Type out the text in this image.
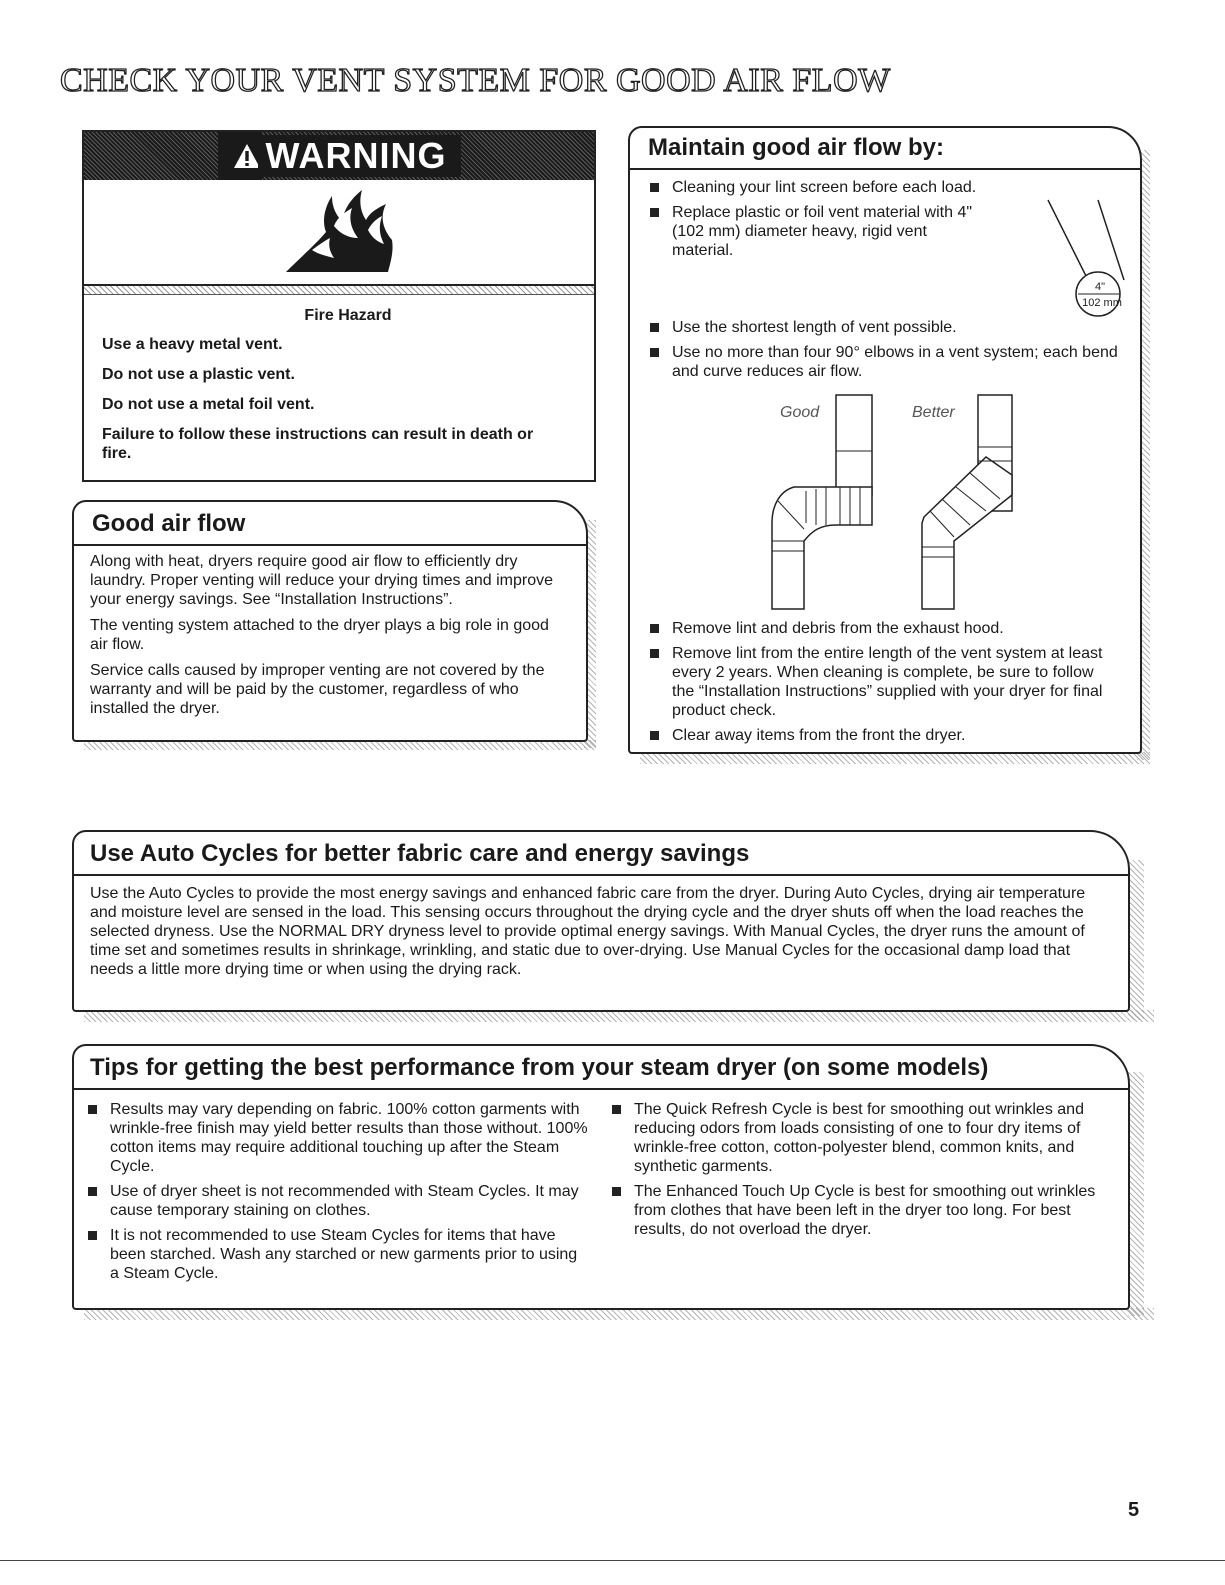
CHECK YOUR VENT SYSTEM FOR GOOD AIR FLOW
WARNING
Fire Hazard
Use a heavy metal vent.
Do not use a plastic vent.
Do not use a metal foil vent.
Failure to follow these instructions can result in death or fire.
Good air flow

Along with heat, dryers require good air flow to efficiently dry laundry. Proper venting will reduce your drying times and improve your energy savings. See “Installation Instructions”.

The venting system attached to the dryer plays a big role in good air flow.

Service calls caused by improper venting are not covered by the warranty and will be paid by the customer, regardless of who installed the dryer.

Maintain good air flow by:
Cleaning your lint screen before each load.
Replace plastic or foil vent material with 4" (102 mm) diameter heavy, rigid vent material.
4"
102 mm
Use the shortest length of vent possible.
Use no more than four 90° elbows in a vent system; each bend and curve reduces air flow.
Good	Better
Remove lint and debris from the exhaust hood.
Remove lint from the entire length of the vent system at least every 2 years. When cleaning is complete, be sure to follow the “Installation Instructions” supplied with your dryer for final product check.
Clear away items from the front the dryer.
Use Auto Cycles for better fabric care and energy savings
Use the Auto Cycles to provide the most energy savings and enhanced fabric care from the dryer. During Auto Cycles, drying air temperature and moisture level are sensed in the load. This sensing occurs throughout the drying cycle and the dryer shuts off when the load reaches the selected dryness. Use the NORMAL DRY dryness level to provide optimal energy savings. With Manual Cycles, the dryer runs the amount of time set and sometimes results in shrinkage, wrinkling, and static due to over-drying. Use Manual Cycles for the occasional damp load that needs a little more drying time or when using the drying rack.
Tips for getting the best performance from your steam dryer (on some models)
Results may vary depending on fabric. 100% cotton garments with wrinkle-free finish may yield better results than those without. 100% cotton items may require additional touching up after the Steam Cycle.
Use of dryer sheet is not recommended with Steam Cycles. It may cause temporary staining on clothes.
It is not recommended to use Steam Cycles for items that have been starched. Wash any starched or new garments prior to using a Steam Cycle.
The Quick Refresh Cycle is best for smoothing out wrinkles and reducing odors from loads consisting of one to four dry items of wrinkle-free cotton, cotton-polyester blend, common knits, and synthetic garments.
The Enhanced Touch Up Cycle is best for smoothing out wrinkles from clothes that have been left in the dryer too long. For best results, do not overload the dryer.
5
